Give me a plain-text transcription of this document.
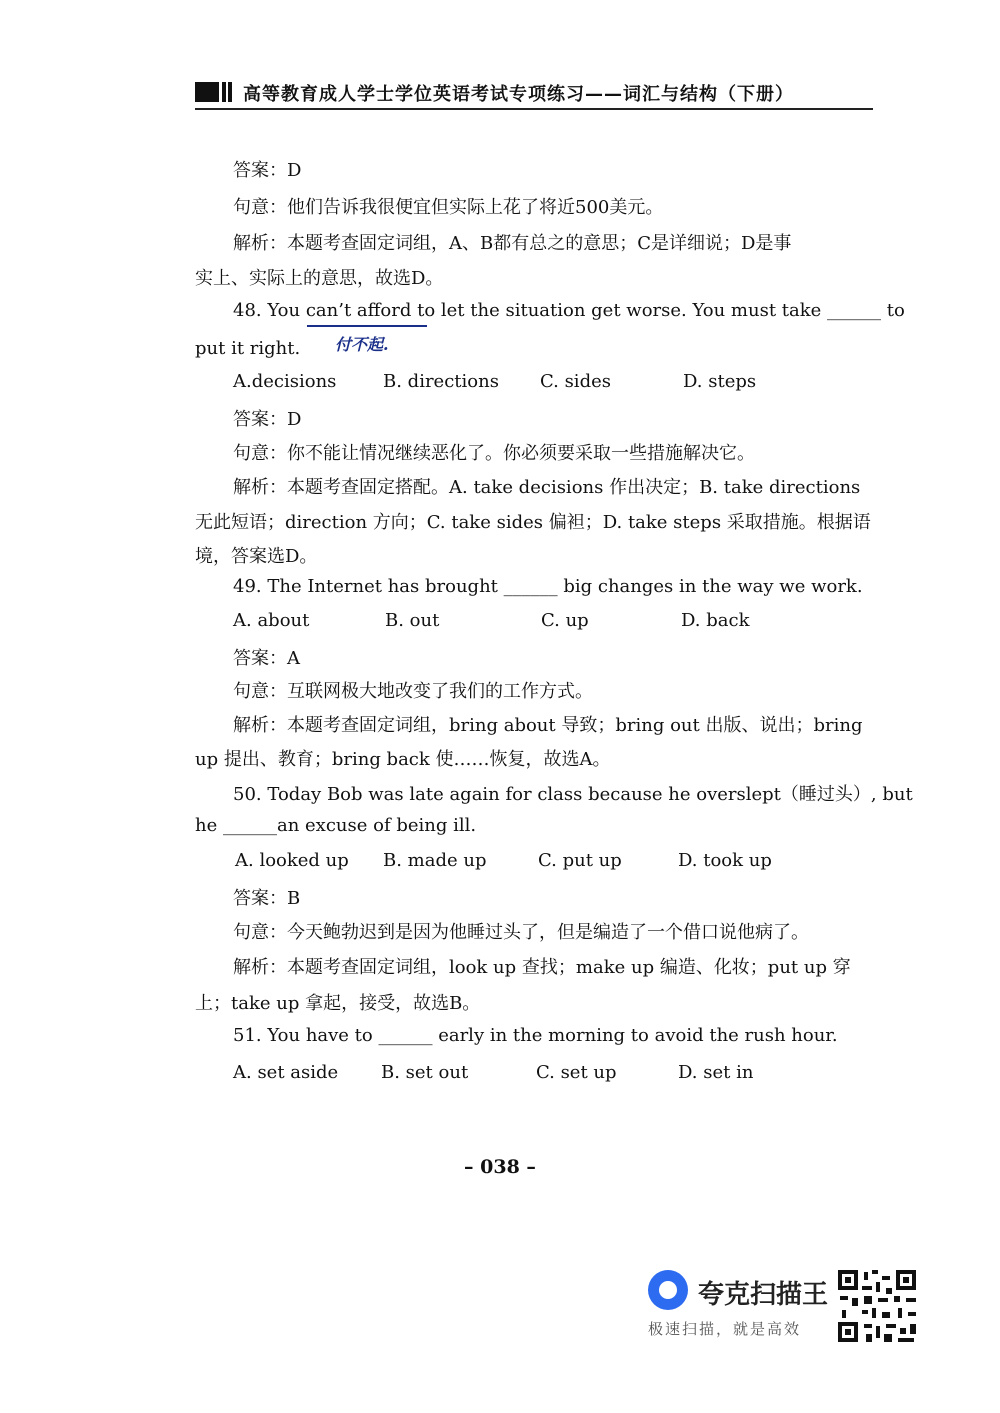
高等教育成人学士学位英语考试专项练习——词汇与结构（下册）
答案：D
句意：他们告诉我很便宜但实际上花了将近500美元。
解析：本题考查固定词组，A、B都有总之的意思；C是详细说；D是事
实上、实际上的意思，故选D。
48. You can’t afford to let the situation get worse. You must take ______ to
put it right. 付不起.
A.decisions	B. directions C. sides	D. steps
答案：D
句意：你不能让情况继续恶化了。你必须要采取一些措施解决它。
解析：本题考查固定搭配。A. take decisions 作出决定；B. take directions
无此短语；direction 方向；C. take sides 偏袒；D. take steps 采取措施。根据语
境，答案选D。
49. The Internet has brought ______ big changes in the way we work.
A. about	B. out	C. up	D. back
答案：A
句意：互联网极大地改变了我们的工作方式。
解析：本题考查固定词组，bring about 导致；bring out 出版、说出；bring
up 提出、教育；bring back 使……恢复，故选A。
50. Today Bob was late again for class because he overslept（睡过头）, but
he ______an excuse of being ill.
A. looked up B. made up	C. put up	D. took up
答案：B
句意：今天鲍勃迟到是因为他睡过头了，但是编造了一个借口说他病了。
解析：本题考查固定词组，look up 查找；make up 编造、化妆；put up 穿
上；take up 拿起，接受，故选B。
51. You have to ______ early in the morning to avoid the rush hour.
A. set aside B. set out	C. set up	D. set in
– 038 –
夸克扫描王
极速扫描，就是高效
